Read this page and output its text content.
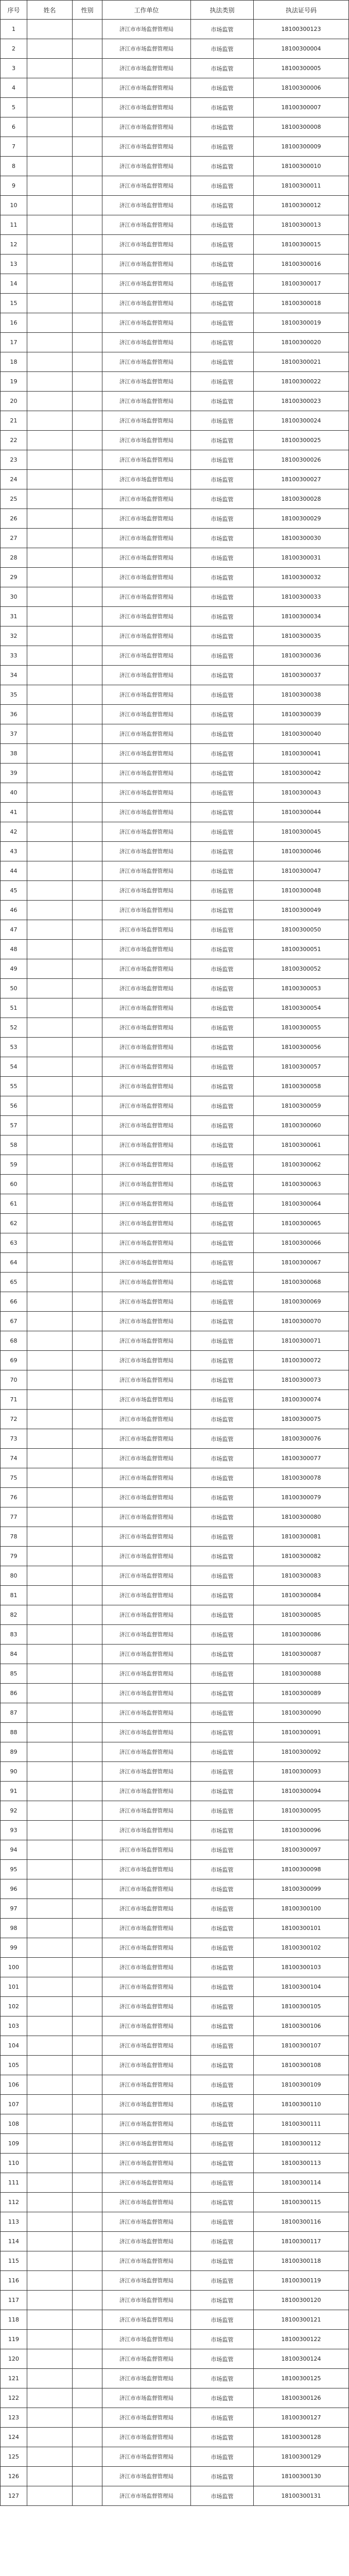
序号	姓名	性别	工作单位	执法类别	执法证号码
1			济江市市场监督管理局	市场监管	18100300123
2			济江市市场监督管理局	市场监管	18100300004
3			济江市市场监督管理局	市场监管	18100300005
4			济江市市场监督管理局	市场监管	18100300006
5			济江市市场监督管理局	市场监管	18100300007
6			济江市市场监督管理局	市场监管	18100300008
7			济江市市场监督管理局	市场监管	18100300009
8			济江市市场监督管理局	市场监管	18100300010
9			济江市市场监督管理局	市场监管	18100300011
10			济江市市场监督管理局	市场监管	18100300012
11			济江市市场监督管理局	市场监管	18100300013
12			济江市市场监督管理局	市场监管	18100300015
13			济江市市场监督管理局	市场监管	18100300016
14			济江市市场监督管理局	市场监管	18100300017
15			济江市市场监督管理局	市场监管	18100300018
16			济江市市场监督管理局	市场监管	18100300019
17			济江市市场监督管理局	市场监管	18100300020
18			济江市市场监督管理局	市场监管	18100300021
19			济江市市场监督管理局	市场监管	18100300022
20			济江市市场监督管理局	市场监管	18100300023
21			济江市市场监督管理局	市场监管	18100300024
22			济江市市场监督管理局	市场监管	18100300025
23			济江市市场监督管理局	市场监管	18100300026
24			济江市市场监督管理局	市场监管	18100300027
25			济江市市场监督管理局	市场监管	18100300028
26			济江市市场监督管理局	市场监管	18100300029
27			济江市市场监督管理局	市场监管	18100300030
28			济江市市场监督管理局	市场监管	18100300031
29			济江市市场监督管理局	市场监管	18100300032
30			济江市市场监督管理局	市场监管	18100300033
31			济江市市场监督管理局	市场监管	18100300034
32			济江市市场监督管理局	市场监管	18100300035
33			济江市市场监督管理局	市场监管	18100300036
34			济江市市场监督管理局	市场监管	18100300037
35			济江市市场监督管理局	市场监管	18100300038
36			济江市市场监督管理局	市场监管	18100300039
37			济江市市场监督管理局	市场监管	18100300040
38			济江市市场监督管理局	市场监管	18100300041
39			济江市市场监督管理局	市场监管	18100300042
40			济江市市场监督管理局	市场监管	18100300043
41			济江市市场监督管理局	市场监管	18100300044
42			济江市市场监督管理局	市场监管	18100300045
43			济江市市场监督管理局	市场监管	18100300046
44			济江市市场监督管理局	市场监管	18100300047
45			济江市市场监督管理局	市场监管	18100300048
46			济江市市场监督管理局	市场监管	18100300049
47			济江市市场监督管理局	市场监管	18100300050
48			济江市市场监督管理局	市场监管	18100300051
49			济江市市场监督管理局	市场监管	18100300052
50			济江市市场监督管理局	市场监管	18100300053
51			济江市市场监督管理局	市场监管	18100300054
52			济江市市场监督管理局	市场监管	18100300055
53			济江市市场监督管理局	市场监管	18100300056
54			济江市市场监督管理局	市场监管	18100300057
55			济江市市场监督管理局	市场监管	18100300058
56			济江市市场监督管理局	市场监管	18100300059
57			济江市市场监督管理局	市场监管	18100300060
58			济江市市场监督管理局	市场监管	18100300061
59			济江市市场监督管理局	市场监管	18100300062
60			济江市市场监督管理局	市场监管	18100300063
61			济江市市场监督管理局	市场监管	18100300064
62			济江市市场监督管理局	市场监管	18100300065
63			济江市市场监督管理局	市场监管	18100300066
64			济江市市场监督管理局	市场监管	18100300067
65			济江市市场监督管理局	市场监管	18100300068
66			济江市市场监督管理局	市场监管	18100300069
67			济江市市场监督管理局	市场监管	18100300070
68			济江市市场监督管理局	市场监管	18100300071
69			济江市市场监督管理局	市场监管	18100300072
70			济江市市场监督管理局	市场监管	18100300073
71			济江市市场监督管理局	市场监管	18100300074
72			济江市市场监督管理局	市场监管	18100300075
73			济江市市场监督管理局	市场监管	18100300076
74			济江市市场监督管理局	市场监管	18100300077
75			济江市市场监督管理局	市场监管	18100300078
76			济江市市场监督管理局	市场监管	18100300079
77			济江市市场监督管理局	市场监管	18100300080
78			济江市市场监督管理局	市场监管	18100300081
79			济江市市场监督管理局	市场监管	18100300082
80			济江市市场监督管理局	市场监管	18100300083
81			济江市市场监督管理局	市场监管	18100300084
82			济江市市场监督管理局	市场监管	18100300085
83			济江市市场监督管理局	市场监管	18100300086
84			济江市市场监督管理局	市场监管	18100300087
85			济江市市场监督管理局	市场监管	18100300088
86			济江市市场监督管理局	市场监管	18100300089
87			济江市市场监督管理局	市场监管	18100300090
88			济江市市场监督管理局	市场监管	18100300091
89			济江市市场监督管理局	市场监管	18100300092
90			济江市市场监督管理局	市场监管	18100300093
91			济江市市场监督管理局	市场监管	18100300094
92			济江市市场监督管理局	市场监管	18100300095
93			济江市市场监督管理局	市场监管	18100300096
94			济江市市场监督管理局	市场监管	18100300097
95			济江市市场监督管理局	市场监管	18100300098
96			济江市市场监督管理局	市场监管	18100300099
97			济江市市场监督管理局	市场监管	18100300100
98			济江市市场监督管理局	市场监管	18100300101
99			济江市市场监督管理局	市场监管	18100300102
100			济江市市场监督管理局	市场监管	18100300103
101			济江市市场监督管理局	市场监管	18100300104
102			济江市市场监督管理局	市场监管	18100300105
103			济江市市场监督管理局	市场监管	18100300106
104			济江市市场监督管理局	市场监管	18100300107
105			济江市市场监督管理局	市场监管	18100300108
106			济江市市场监督管理局	市场监管	18100300109
107			济江市市场监督管理局	市场监管	18100300110
108			济江市市场监督管理局	市场监管	18100300111
109			济江市市场监督管理局	市场监管	18100300112
110			济江市市场监督管理局	市场监管	18100300113
111			济江市市场监督管理局	市场监管	18100300114
112			济江市市场监督管理局	市场监管	18100300115
113			济江市市场监督管理局	市场监管	18100300116
114			济江市市场监督管理局	市场监管	18100300117
115			济江市市场监督管理局	市场监管	18100300118
116			济江市市场监督管理局	市场监管	18100300119
117			济江市市场监督管理局	市场监管	18100300120
118			济江市市场监督管理局	市场监管	18100300121
119			济江市市场监督管理局	市场监管	18100300122
120			济江市市场监督管理局	市场监管	18100300124
121			济江市市场监督管理局	市场监管	18100300125
122			济江市市场监督管理局	市场监管	18100300126
123			济江市市场监督管理局	市场监管	18100300127
124			济江市市场监督管理局	市场监管	18100300128
125			济江市市场监督管理局	市场监管	18100300129
126			济江市市场监督管理局	市场监管	18100300130
127			济江市市场监督管理局	市场监管	18100300131
